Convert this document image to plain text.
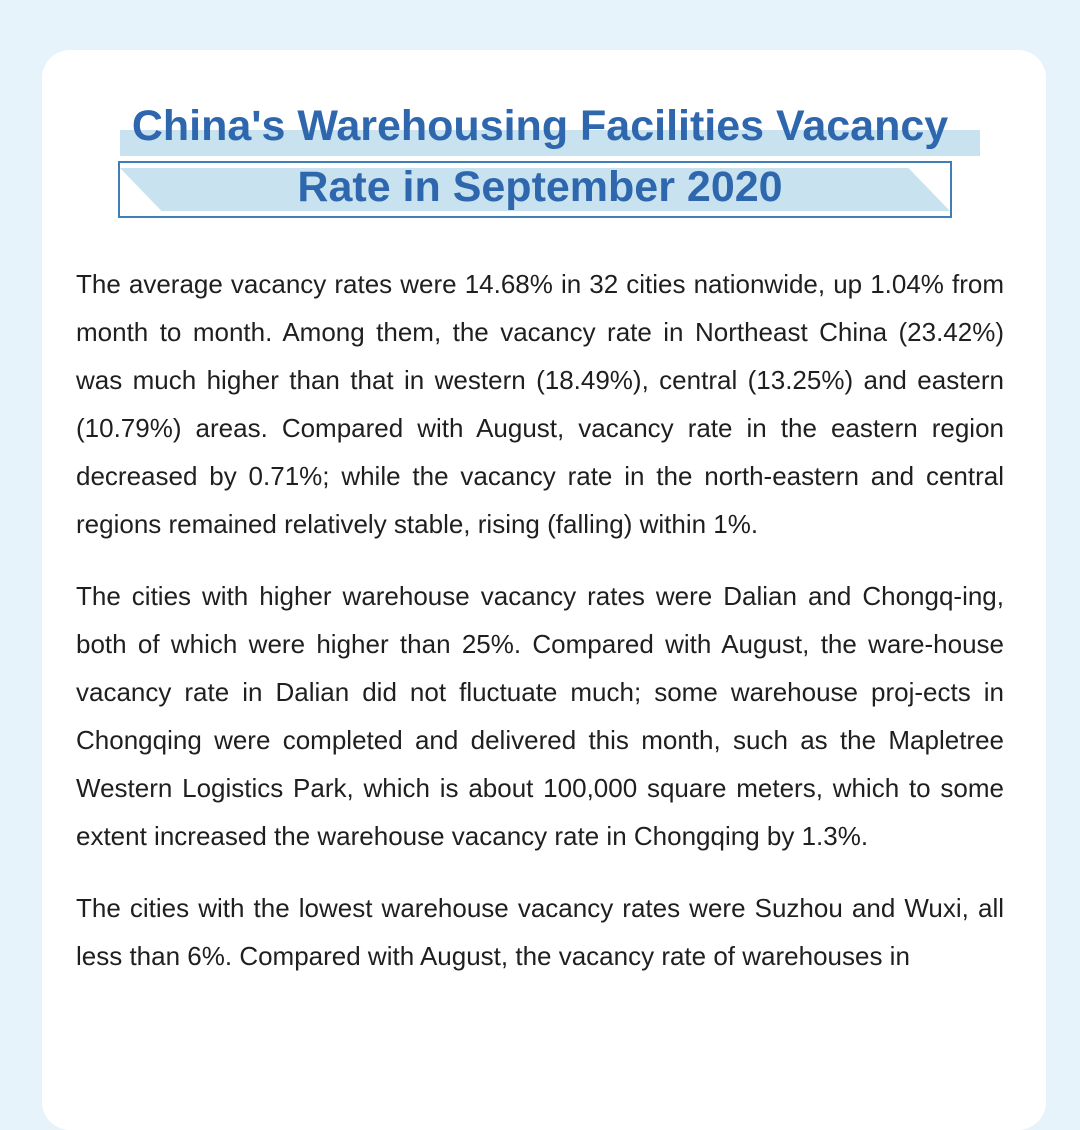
China's Warehousing Facilities Vacancy
Rate in September 2020

The average vacancy rates were 14.68% in 32 cities nationwide, up 1.04% from month to month. Among them, the vacancy rate in Northeast China (23.42%) was much higher than that in western (18.49%), central (13.25%) and eastern (10.79%) areas. Compared with August, vacancy rate in the eastern region decreased by 0.71%; while the vacancy rate in the north-eastern and central regions remained relatively stable, rising (falling) within 1%.

The cities with higher warehouse vacancy rates were Dalian and Chongq-ing, both of which were higher than 25%. Compared with August, the ware-house vacancy rate in Dalian did not fluctuate much; some warehouse proj-ects in Chongqing were completed and delivered this month, such as the Mapletree Western Logistics Park, which is about 100,000 square meters, which to some extent increased the warehouse vacancy rate in Chongqing by 1.3%.

The cities with the lowest warehouse vacancy rates were Suzhou and Wuxi, all less than 6%. Compared with August, the vacancy rate of warehouses in
